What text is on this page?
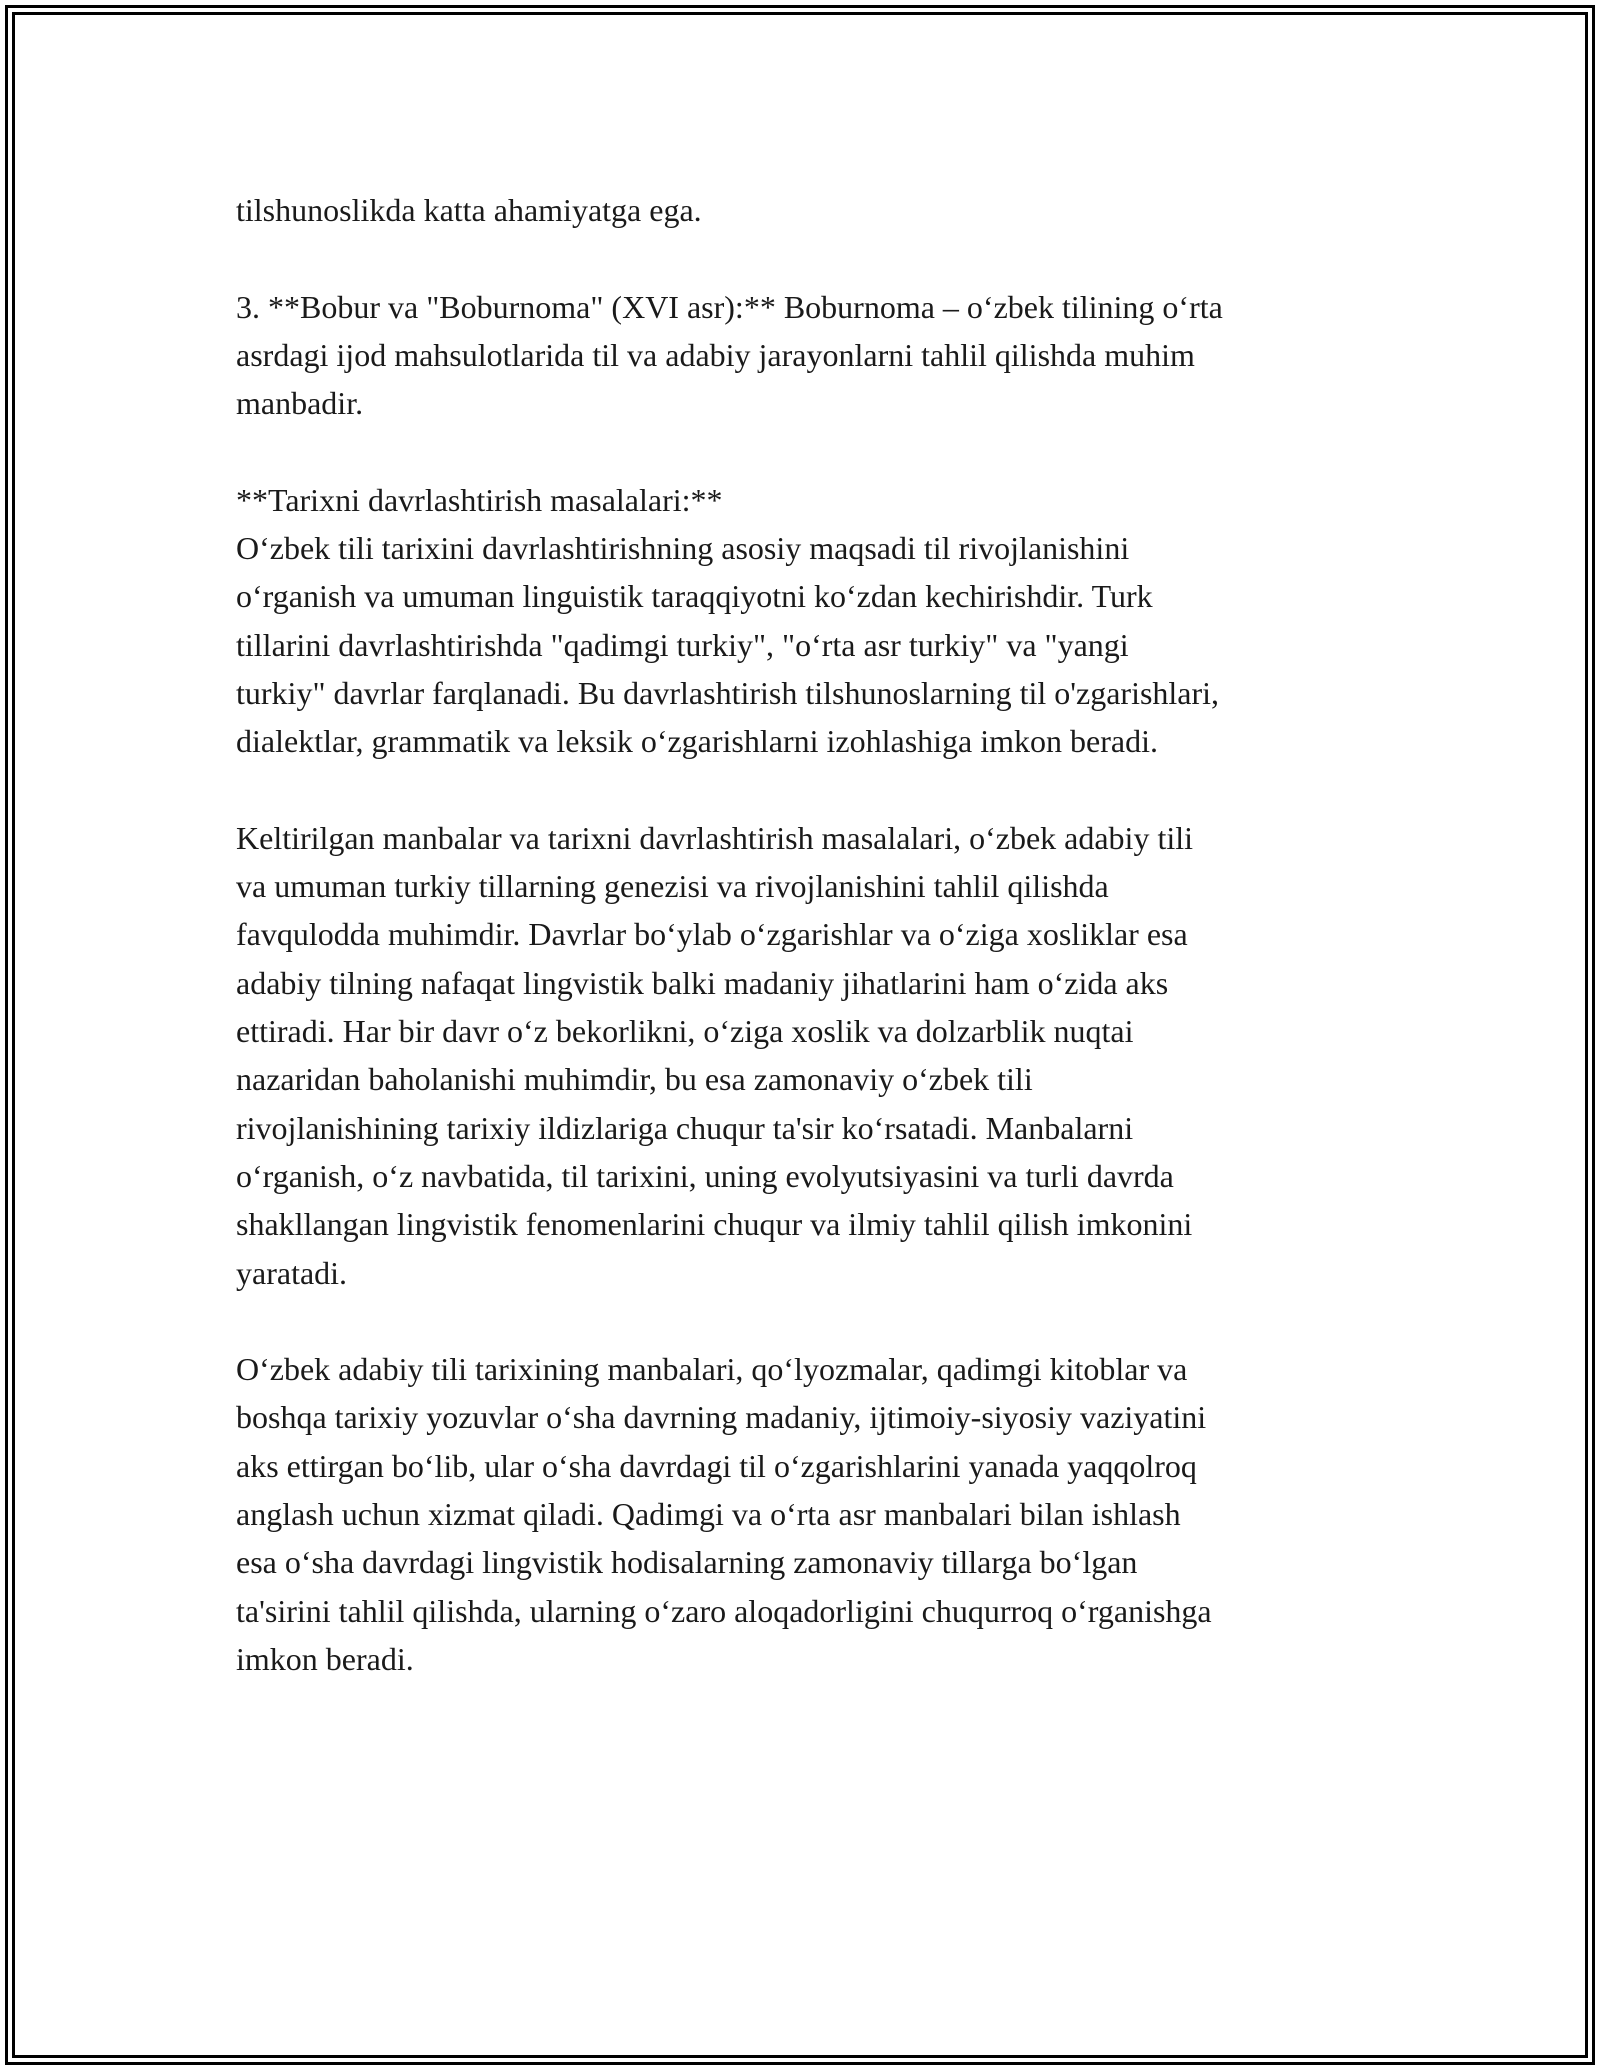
tilshunoslikda katta ahamiyatga ega.

3. **Bobur va "Boburnoma" (XVI asr):** Boburnoma – oʻzbek tilining oʻrta
asrdagi ijod mahsulotlarida til va adabiy jarayonlarni tahlil qilishda muhim
manbadir.

**Tarixni davrlashtirish masalalari:**

Oʻzbek tili tarixini davrlashtirishning asosiy maqsadi til rivojlanishini
oʻrganish va umuman linguistik taraqqiyotni koʻzdan kechirishdir. Turk
tillarini davrlashtirishda "qadimgi turkiy", "oʻrta asr turkiy" va "yangi
turkiy" davrlar farqlanadi. Bu davrlashtirish tilshunoslarning til o'zgarishlari,
dialektlar, grammatik va leksik oʻzgarishlarni izohlashiga imkon beradi.

Keltirilgan manbalar va tarixni davrlashtirish masalalari, oʻzbek adabiy tili
va umuman turkiy tillarning genezisi va rivojlanishini tahlil qilishda
favqulodda muhimdir. Davrlar boʻylab oʻzgarishlar va oʻziga xosliklar esa
adabiy tilning nafaqat lingvistik balki madaniy jihatlarini ham oʻzida aks
ettiradi. Har bir davr oʻz bekorlikni, oʻziga xoslik va dolzarblik nuqtai
nazaridan baholanishi muhimdir, bu esa zamonaviy oʻzbek tili
rivojlanishining tarixiy ildizlariga chuqur ta'sir koʻrsatadi. Manbalarni
oʻrganish, oʻz navbatida, til tarixini, uning evolyutsiyasini va turli davrda
shakllangan lingvistik fenomenlarini chuqur va ilmiy tahlil qilish imkonini
yaratadi.

Oʻzbek adabiy tili tarixining manbalari, qoʻlyozmalar, qadimgi kitoblar va
boshqa tarixiy yozuvlar oʻsha davrning madaniy, ijtimoiy-siyosiy vaziyatini
aks ettirgan boʻlib, ular oʻsha davrdagi til oʻzgarishlarini yanada yaqqolroq
anglash uchun xizmat qiladi. Qadimgi va oʻrta asr manbalari bilan ishlash
esa oʻsha davrdagi lingvistik hodisalarning zamonaviy tillarga boʻlgan
ta'sirini tahlil qilishda, ularning oʻzaro aloqadorligini chuqurroq oʻrganishga
imkon beradi.
